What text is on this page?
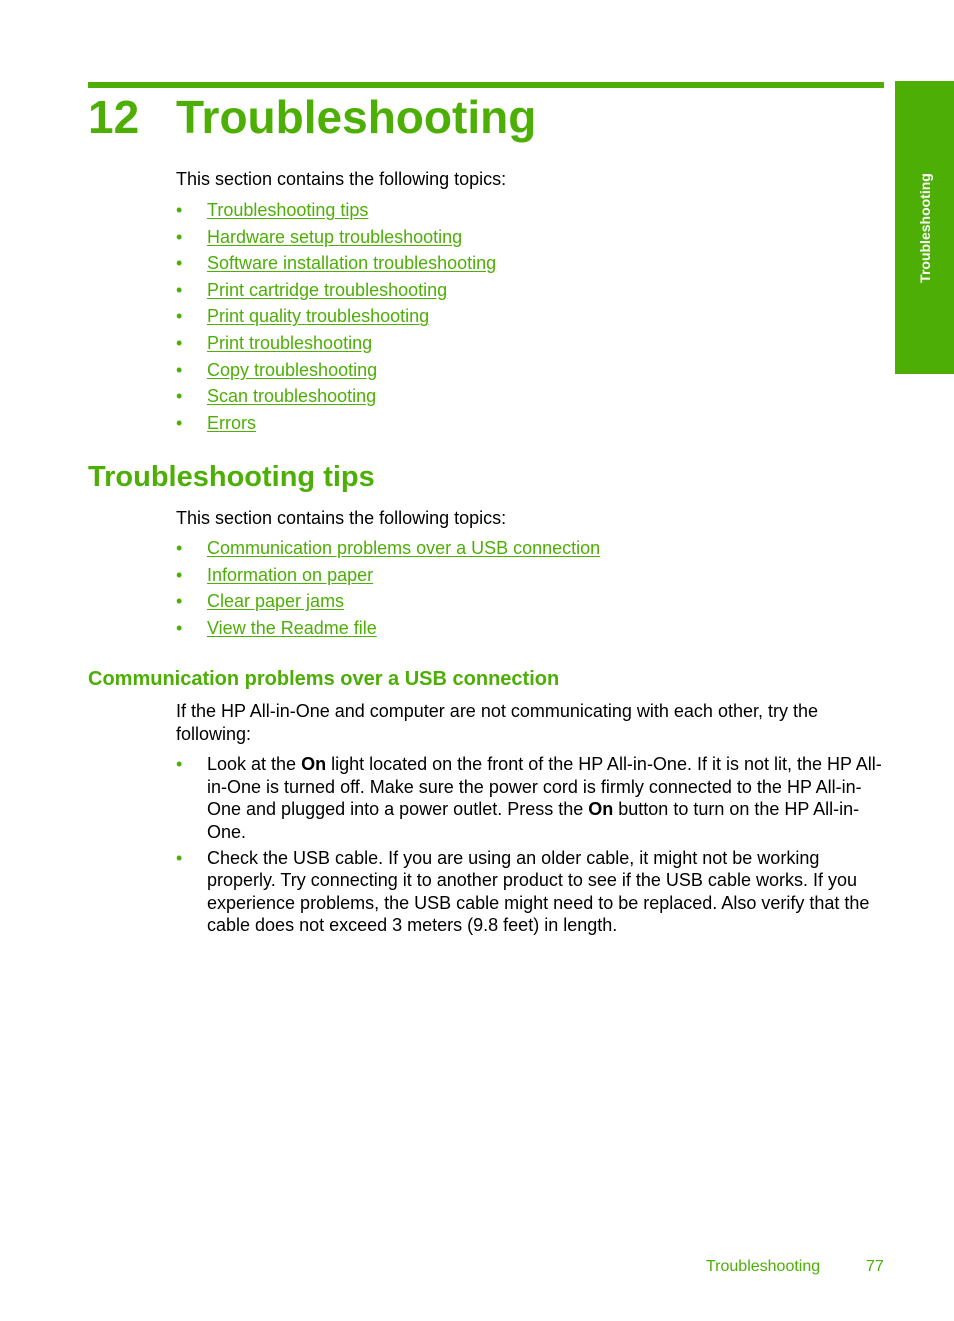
Troubleshooting
12 Troubleshooting

This section contains the following topics:

• Troubleshooting tips
• Hardware setup troubleshooting
• Software installation troubleshooting
• Print cartridge troubleshooting
• Print quality troubleshooting
• Print troubleshooting
• Copy troubleshooting
• Scan troubleshooting
• Errors
Troubleshooting tips

This section contains the following topics:

• Communication problems over a USB connection
• Information on paper
• Clear paper jams
• View the Readme file
Communication problems over a USB connection

If the HP All-in-One and computer are not communicating with each other, try the following:

• Look at the On light located on the front of the HP All-in-One. If it is not lit, the HP All-in-One is turned off. Make sure the power cord is firmly connected to the HP All-in-One and plugged into a power outlet. Press the On button to turn on the HP All-in-One.
• Check the USB cable. If you are using an older cable, it might not be working properly. Try connecting it to another product to see if the USB cable works. If you experience problems, the USB cable might need to be replaced. Also verify that the cable does not exceed 3 meters (9.8 feet) in length.
Troubleshooting	77
